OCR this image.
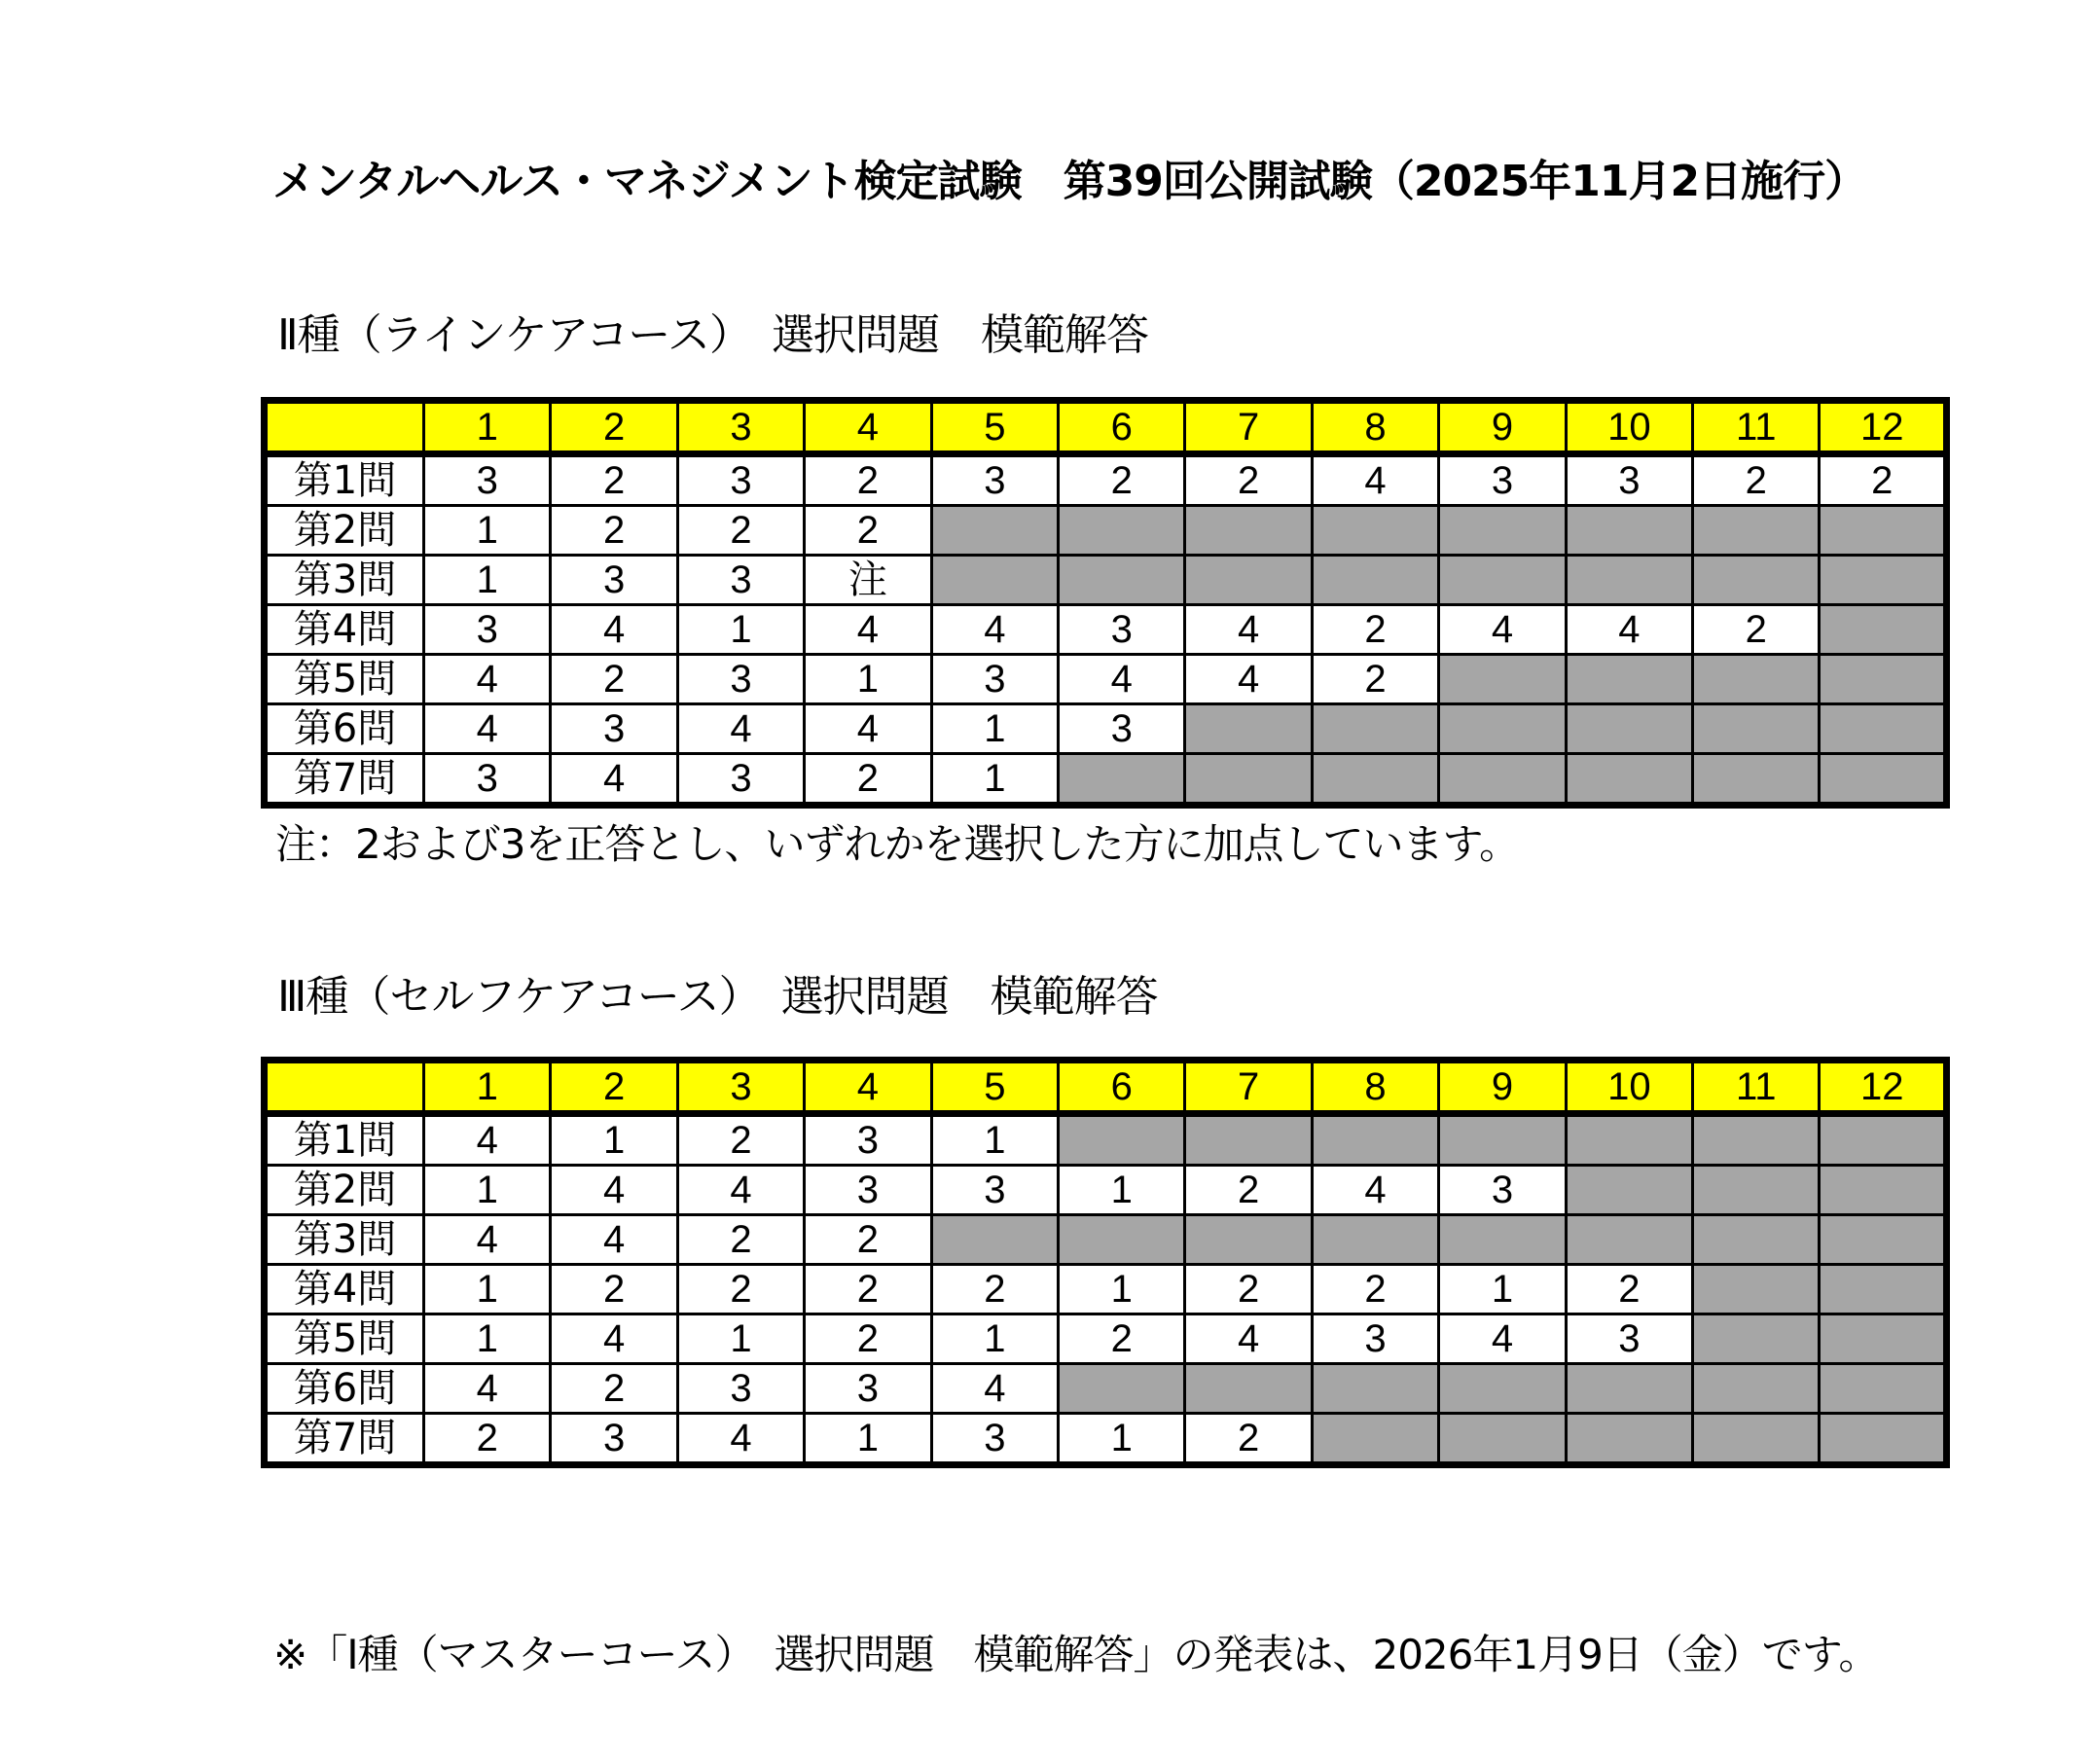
メンタルヘルス・マネジメント検定試験　第39回公開試験（2025年11月2日施行）
Ⅱ種（ラインケアコース）　選択問題　模範解答
	1	2	3	4	5	6	7	8	9	10	11	12
第1問	3	2	3	2	3	2	2	4	3	3	2	2
第2問	1	2	2	2								
第3問	1	3	3	注								
第4問	3	4	1	4	4	3	4	2	4	4	2	
第5問	4	2	3	1	3	4	4	2				
第6問	4	3	4	4	1	3						
第7問	3	4	3	2	1							
注：2および3を正答とし、いずれかを選択した方に加点しています。
Ⅲ種（セルフケアコース）　選択問題　模範解答
	1	2	3	4	5	6	7	8	9	10	11	12
第1問	4	1	2	3	1							
第2問	1	4	4	3	3	1	2	4	3			
第3問	4	4	2	2								
第4問	1	2	2	2	2	1	2	2	1	2		
第5問	1	4	1	2	1	2	4	3	4	3		
第6問	4	2	3	3	4							
第7問	2	3	4	1	3	1	2					
※「Ⅰ種（マスターコース）　選択問題　模範解答」の発表は、2026年1月9日（金）です。
